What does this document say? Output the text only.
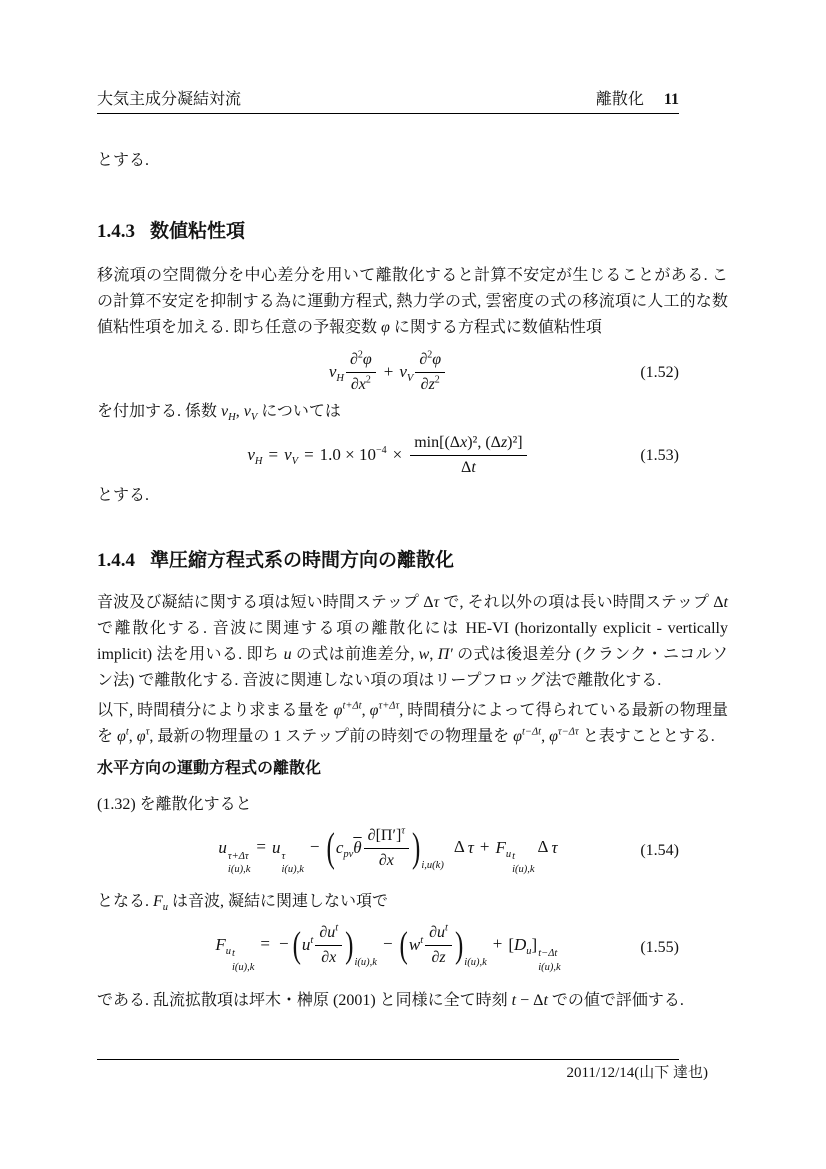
大気主成分凝結対流	離散化 11

とする.

1.4.3 数値粘性項

移流項の空間微分を中心差分を用いて離散化すると計算不安定が生じることがある. この計算不安定を抑制する為に運動方程式, 熱力学の式, 雲密度の式の移流項に人工的な数値粘性項を加える. 即ち任意の予報変数 φ に関する方程式に数値粘性項

$\nu_H \frac{\partial^2\varphi}{\partial x^2} + \nu_V \frac{\partial^2\varphi}{\partial z^2}$	(1.52)

を付加する. 係数 $\nu_H$, $\nu_V$ については

$\nu_H = \nu_V = 1.0 \times 10^{-4} \times \frac{\text{min[(Δx)², (Δz)²]}}{\Delta t}$	(1.53)

とする.

1.4.4 準圧縮方程式系の時間方向の離散化

音波及び凝結に関する項は短い時間ステップ Δτ で, それ以外の項は長い時間ステップ Δt で離散化する. 音波に関連する項の離散化には HE-VI (horizontally explicit - vertically implicit) 法を用いる. 即ち u の式は前進差分, w, Π′ の式は後退差分 (クランク・ニコルソン法) で離散化する. 音波に関連しない項の項はリープフロッグ法で離散化する.

以下, 時間積分により求まる量を $\varphi^{t+\Delta t}$, $\varphi^{\tau+\Delta\tau}$, 時間積分によって得られている最新の物理量を $\varphi^t$, $\varphi^\tau$, 最新の物理量の 1 ステップ前の時刻での物理量を $\varphi^{t-\Delta t}$, $\varphi^{\tau-\Delta\tau}$ と表すこととする.

水平方向の運動方程式の離散化

(1.32) を離散化すると

u
τ+Δτ
i(u),k
= u
τ
i(u),k
− $(c_{pv}\overline{\theta} \frac{\partial[\Pi']^\tau}{\partial x} )_{i,u(k)}\Delta$ $\tau + F_u$ t
i(u),k
Δ τ	(1.54)

となる. $F_u$ は音波, 凝結に関連しない項で

$F_u$ t
i(u),k
= − $(u^t \frac{\partial u^t}{\partial x} )_{i(u),k}- (w^t \frac{\partial u^t}{\partial z} )_{i(u),k}+ [D_u]$
t−Δt
i(u),k
(1.55)

である. 乱流拡散項は坪木・榊原 (2001) と同様に全て時刻 t − Δt での値で評価する.

2011/12/14(山下 達也)
